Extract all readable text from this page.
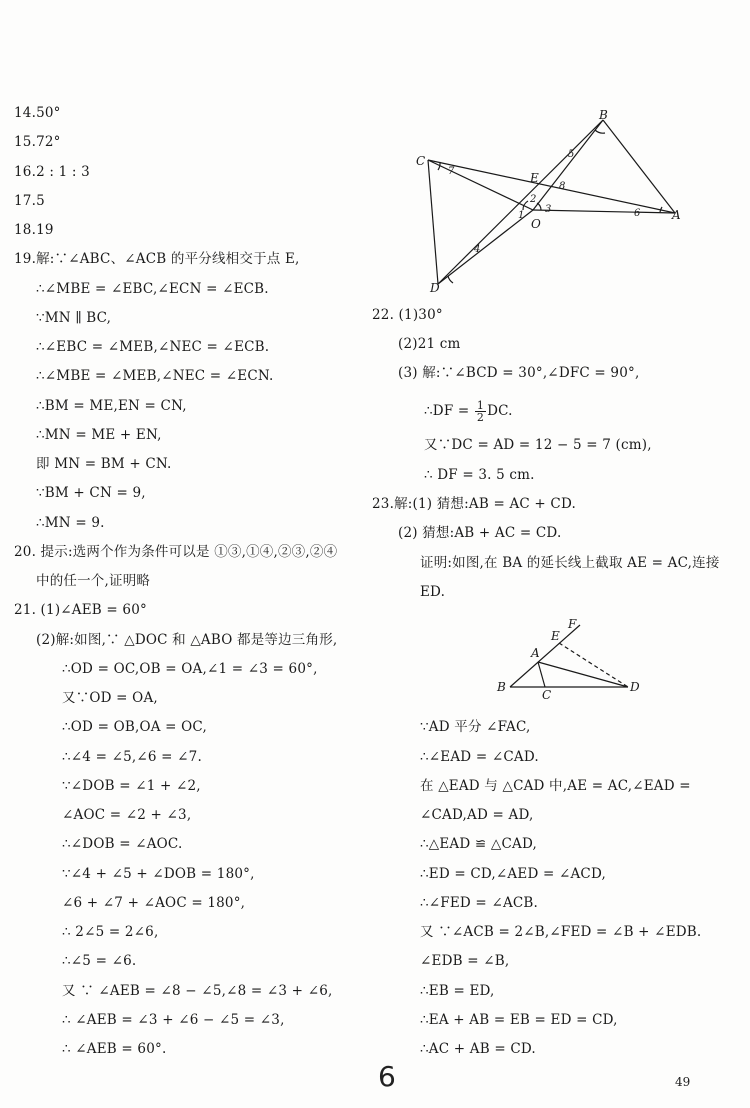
14.50°
15.72°
16.2 : 1 : 3
17.5
18.19
19.解:∵∠ABC、∠ACB 的平分线相交于点 E,
∴∠MBE = ∠EBC,∠ECN = ∠ECB.
∵MN ∥ BC,
∴∠EBC = ∠MEB,∠NEC = ∠ECB.
∴∠MBE = ∠MEB,∠NEC = ∠ECN.
∴BM = ME,EN = CN,
∴MN = ME + EN,
即 MN = BM + CN.
∵BM + CN = 9,
∴MN = 9.
20. 提示:选两个作为条件可以是 ①③,①④,②③,②④
中的任一个,证明略
21. (1)∠AEB = 60°
(2)解:如图,∵ △DOC 和 △ABO 都是等边三角形,
∴OD = OC,OB = OA,∠1 = ∠3 = 60°,
又∵OD = OA,
∴OD = OB,OA = OC,
∴∠4 = ∠5,∠6 = ∠7.
∵∠DOB = ∠1 + ∠2,
∠AOC = ∠2 + ∠3,
∴∠DOB = ∠AOC.
∵∠4 + ∠5 + ∠DOB = 180°,
∠6 + ∠7 + ∠AOC = 180°,
∴ 2∠5 = 2∠6,
∴∠5 = ∠6.
又 ∵ ∠AEB = ∠8 − ∠5,∠8 = ∠3 + ∠6,
∴ ∠AEB = ∠3 + ∠6 − ∠5 = ∠3,
∴ ∠AEB = 60°.
B
C
E
O
A
D
5
7
2
8
1
3	6
4
22. (1)30°
(2)21 cm
(3) 解:∵∠BCD = 30°,∠DFC = 90°,
∴DF = $\frac{1}{2}$ DC.
又∵DC = AD = 12 − 5 = 7 (cm),
∴ DF = 3. 5 cm.
23.解:(1) 猜想:AB = AC + CD.
(2) 猜想:AB + AC = CD.
证明:如图,在 BA 的延长线上截取 AE = AC,连接
ED.
∵AD 平分 ∠FAC,
∴∠EAD = ∠CAD.
在 △EAD 与 △CAD 中,AE = AC,∠EAD =
∠CAD,AD = AD,
∴△EAD ≌ △CAD,
∴ED = CD,∠AED = ∠ACD,
∴∠FED = ∠ACB.
又 ∵∠ACB = 2∠B,∠FED = ∠B + ∠EDB.
∠EDB = ∠B,
∴EB = ED,
∴EA + AB = EB = ED = CD,
∴AC + AB = CD.
F
E
A
B
C
D
49
6
